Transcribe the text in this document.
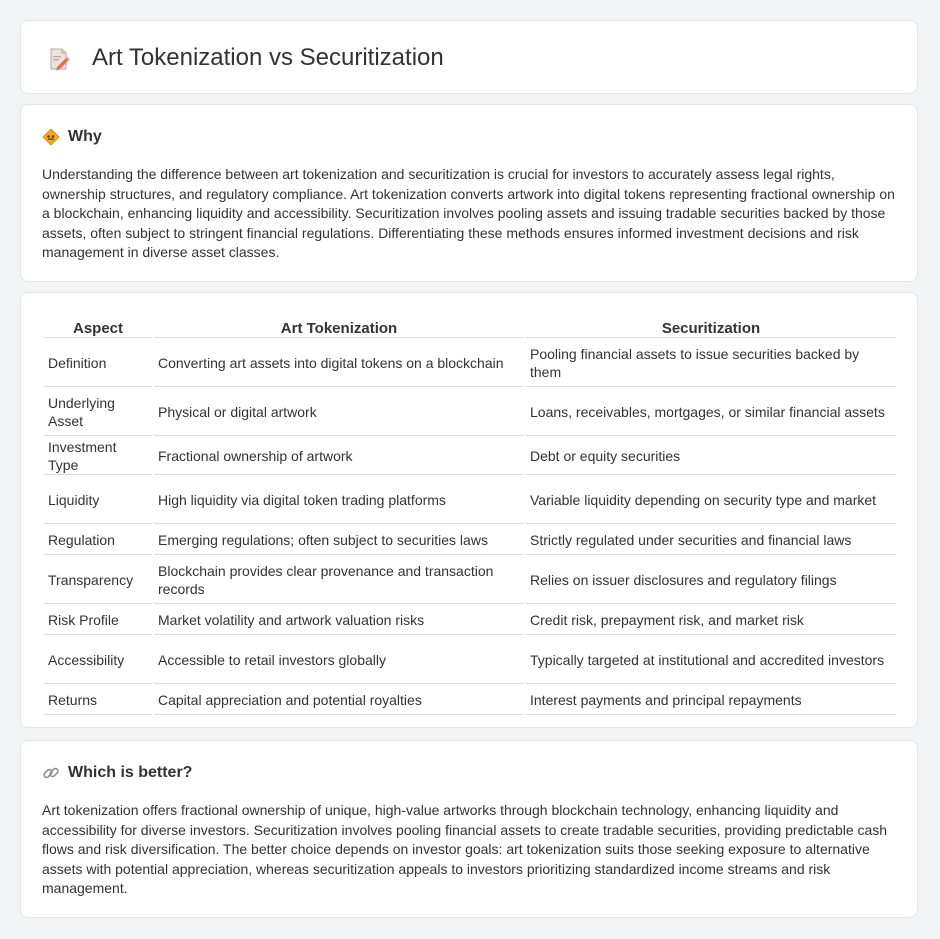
Art Tokenization vs Securitization
Why

Understanding the difference between art tokenization and securitization is crucial for investors to accurately assess legal rights, ownership structures, and regulatory compliance. Art tokenization converts artwork into digital tokens representing fractional ownership on a blockchain, enhancing liquidity and accessibility. Securitization involves pooling assets and issuing tradable securities backed by those assets, often subject to stringent financial regulations. Differentiating these methods ensures informed investment decisions and risk management in diverse asset classes.

Aspect	Art Tokenization	Securitization
Definition	Converting art assets into digital tokens on a blockchain	Pooling financial assets to issue securities backed by them
Underlying Asset	Physical or digital artwork	Loans, receivables, mortgages, or similar financial assets
Investment Type	Fractional ownership of artwork	Debt or equity securities
Liquidity	High liquidity via digital token trading platforms	Variable liquidity depending on security type and market
Regulation	Emerging regulations; often subject to securities laws	Strictly regulated under securities and financial laws
Transparency	Blockchain provides clear provenance and transaction records	Relies on issuer disclosures and regulatory filings
Risk Profile	Market volatility and artwork valuation risks	Credit risk, prepayment risk, and market risk
Accessibility	Accessible to retail investors globally	Typically targeted at institutional and accredited investors
Returns	Capital appreciation and potential royalties	Interest payments and principal repayments
Which is better?

Art tokenization offers fractional ownership of unique, high-value artworks through blockchain technology, enhancing liquidity and accessibility for diverse investors. Securitization involves pooling financial assets to create tradable securities, providing predictable cash flows and risk diversification. The better choice depends on investor goals: art tokenization suits those seeking exposure to alternative assets with potential appreciation, whereas securitization appeals to investors prioritizing standardized income streams and risk management.
